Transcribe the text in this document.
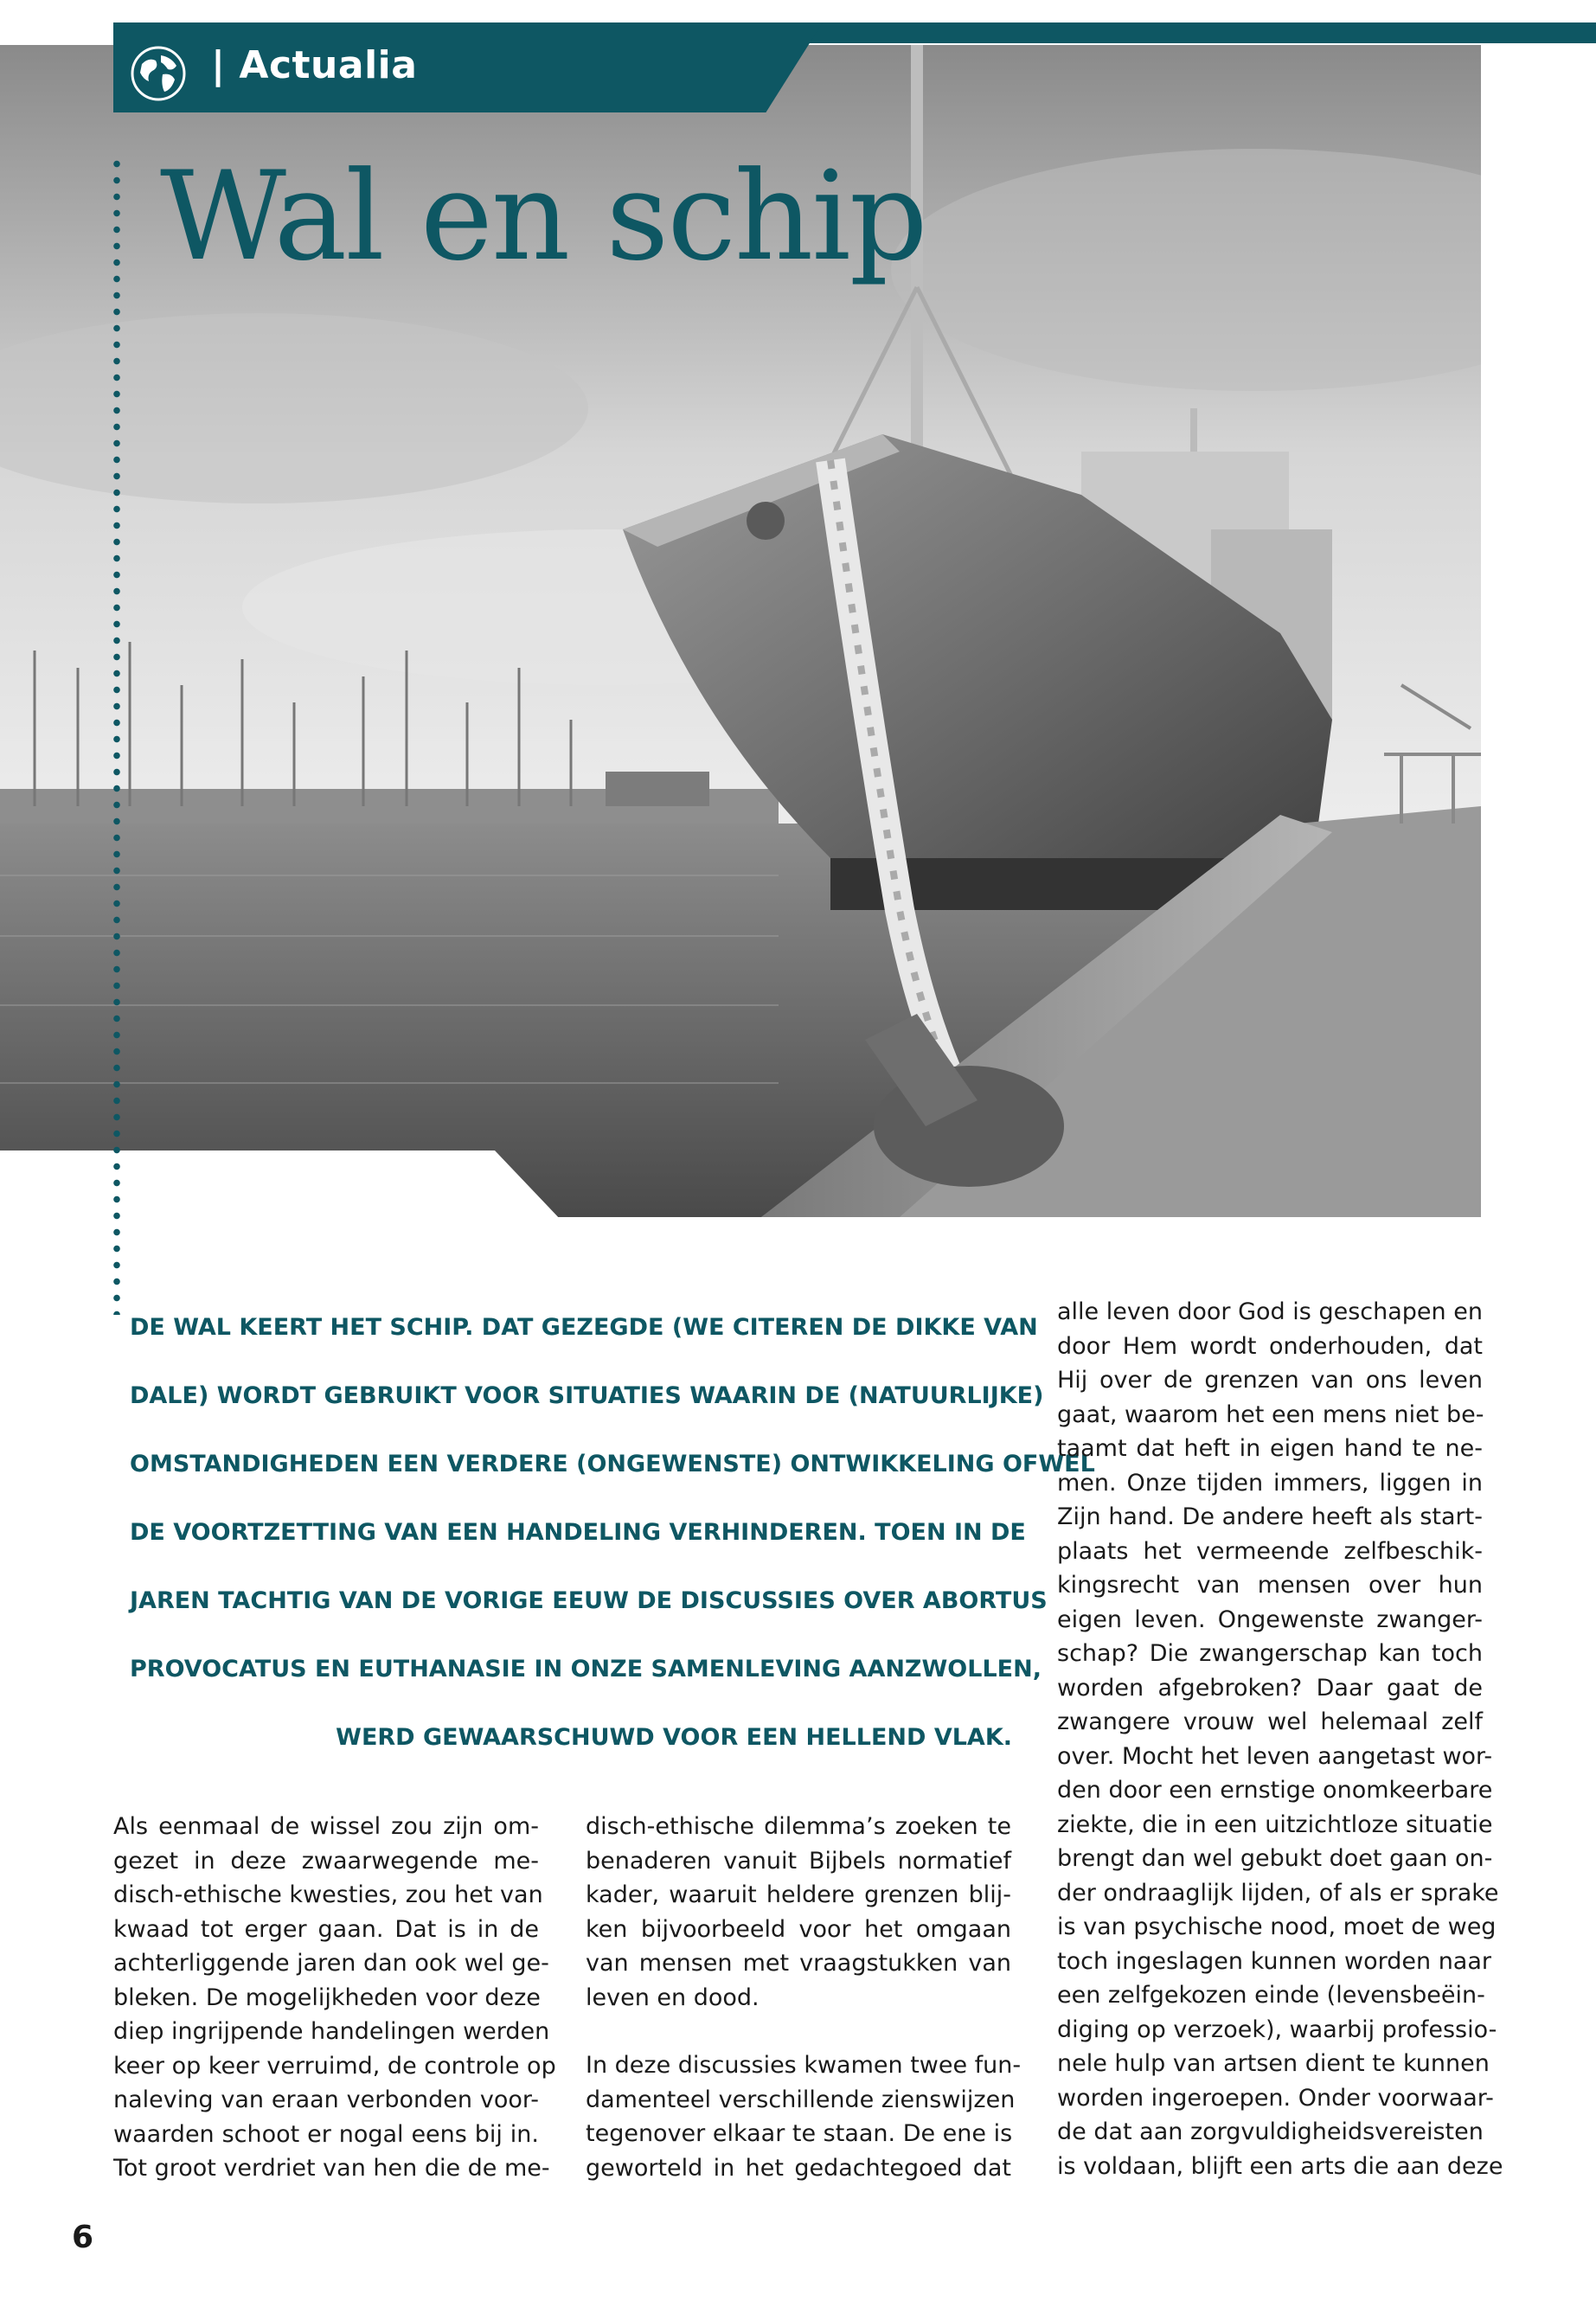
| Actualia
Wal en schip
DE WAL KEERT HET SCHIP. DAT GEZEGDE (WE CITEREN DE DIKKE VAN
DALE) WORDT GEBRUIKT VOOR SITUATIES WAARIN DE (NATUURLIJKE)
OMSTANDIGHEDEN EEN VERDERE (ONGEWENSTE) ONTWIKKELING OFWEL
DE VOORTZETTING VAN EEN HANDELING VERHINDEREN. TOEN IN DE
JAREN TACHTIG VAN DE VORIGE EEUW DE DISCUSSIES OVER ABORTUS
PROVOCATUS EN EUTHANASIE IN ONZE SAMENLEVING AANZWOLLEN,
WERD GEWAARSCHUWD VOOR EEN HELLEND VLAK.
Als eenmaal de wissel zou zijn om-
gezet in deze zwaarwegende me-
disch-ethische kwesties, zou het van
kwaad tot erger gaan. Dat is in de
achterliggende jaren dan ook wel ge-
bleken. De mogelijkheden voor deze
diep ingrijpende handelingen werden
keer op keer verruimd, de controle op
naleving van eraan verbonden voor-
waarden schoot er nogal eens bij in.
Tot groot verdriet van hen die de me-
disch-ethische dilemma’s zoeken te
benaderen vanuit Bijbels normatief
kader, waaruit heldere grenzen blij-
ken bijvoorbeeld voor het omgaan
van mensen met vraagstukken van
leven en dood.
In deze discussies kwamen twee fun-
damenteel verschillende zienswijzen
tegenover elkaar te staan. De ene is
geworteld in het gedachtegoed dat
alle leven door God is geschapen en
door Hem wordt onderhouden, dat
Hij over de grenzen van ons leven
gaat, waarom het een mens niet be-
taamt dat heft in eigen hand te ne-
men. Onze tijden immers, liggen in
Zijn hand. De andere heeft als start-
plaats het vermeende zelfbeschik-
kingsrecht van mensen over hun
eigen leven. Ongewenste zwanger-
schap? Die zwangerschap kan toch
worden afgebroken? Daar gaat de
zwangere vrouw wel helemaal zelf
over. Mocht het leven aangetast wor-
den door een ernstige onomkeerbare
ziekte, die in een uitzichtloze situatie
brengt dan wel gebukt doet gaan on-
der ondraaglijk lijden, of als er sprake
is van psychische nood, moet de weg
toch ingeslagen kunnen worden naar
een zelfgekozen einde (levensbeëin-
diging op verzoek), waarbij professio-
nele hulp van artsen dient te kunnen
worden ingeroepen. Onder voorwaar-
de dat aan zorgvuldigheidsvereisten
is voldaan, blijft een arts die aan deze
6
